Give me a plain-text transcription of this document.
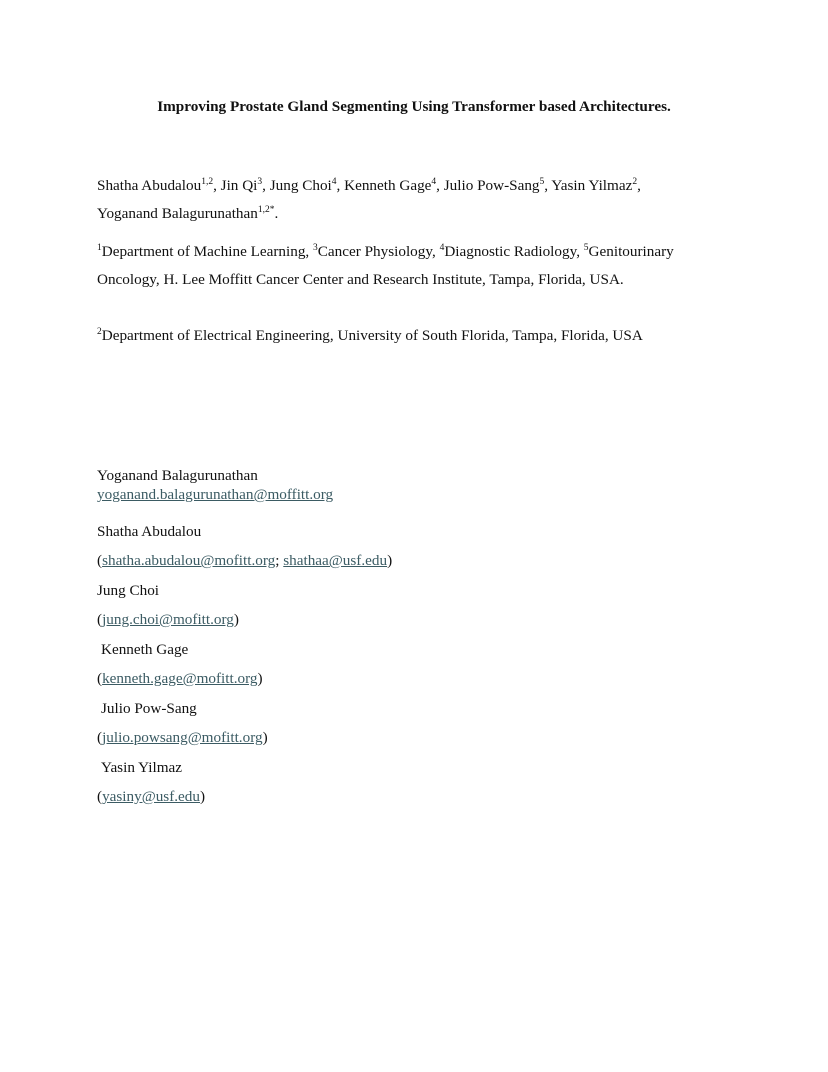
Improving Prostate Gland Segmenting Using Transformer based Architectures.

Shatha Abudalou$^{1,2}$, Jin Qi$^3$, Jung Choi$^4$, Kenneth Gage$^4$, Julio Pow-Sang$^5$, Yasin Yilmaz$^2$,
Yoganand Balagurunathan$^{1,2*}$.

$^1$Department of Machine Learning, $^3$Cancer Physiology, $^4$Diagnostic Radiology, $^5$Genitourinary Oncology, H. Lee Moffitt Cancer Center and Research Institute, Tampa, Florida, USA.

$^2$Department of Electrical Engineering, University of South Florida, Tampa, Florida, USA

Yoganand Balagurunathan

yoganand.balagurunathan@moffitt.org

Shatha Abudalou

(shatha.abudalou@mofitt.org; shathaa@usf.edu)

Jung Choi

(jung.choi@mofitt.org)

Kenneth Gage

(kenneth.gage@mofitt.org)

Julio Pow-Sang

(julio.powsang@mofitt.org)

Yasin Yilmaz

(yasiny@usf.edu)
